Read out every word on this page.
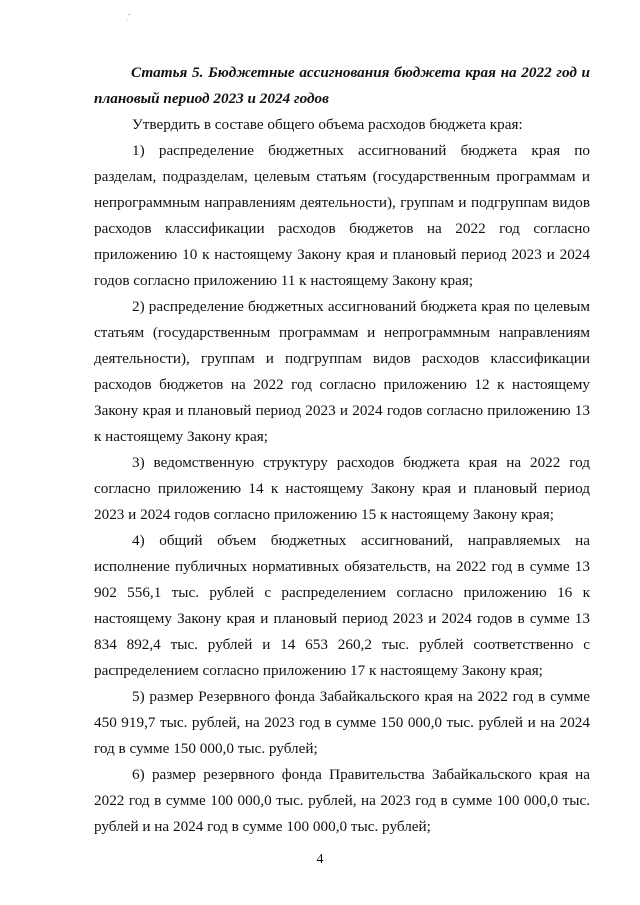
Статья 5. Бюджетные ассигнования бюджета края на 2022 год и плановый период 2023 и 2024 годов

Утвердить в составе общего объема расходов бюджета края:

1) распределение бюджетных ассигнований бюджета края по разделам, подразделам, целевым статьям (государственным программам и непрограммным направлениям деятельности), группам и подгруппам видов расходов классификации расходов бюджетов на 2022 год согласно приложению 10 к настоящему Закону края и плановый период 2023 и 2024 годов согласно приложению 11 к настоящему Закону края;

2) распределение бюджетных ассигнований бюджета края по целевым статьям (государственным программам и непрограммным направлениям деятельности), группам и подгруппам видов расходов классификации расходов бюджетов на 2022 год согласно приложению 12 к настоящему Закону края и плановый период 2023 и 2024 годов согласно приложению 13 к настоящему Закону края;

3) ведомственную структуру расходов бюджета края на 2022 год согласно приложению 14 к настоящему Закону края и плановый период 2023 и 2024 годов согласно приложению 15 к настоящему Закону края;

4) общий объем бюджетных ассигнований, направляемых на исполнение публичных нормативных обязательств, на 2022 год в сумме 13 902 556,1 тыс. рублей с распределением согласно приложению 16 к настоящему Закону края и плановый период 2023 и 2024 годов в сумме 13 834 892,4 тыс. рублей и 14 653 260,2 тыс. рублей соответственно с распределением согласно приложению 17 к настоящему Закону края;

5) размер Резервного фонда Забайкальского края на 2022 год в сумме 450 919,7 тыс. рублей, на 2023 год в сумме 150 000,0 тыс. рублей и на 2024 год в сумме 150 000,0 тыс. рублей;

6) размер резервного фонда Правительства Забайкальского края на 2022 год в сумме 100 000,0 тыс. рублей, на 2023 год в сумме 100 000,0 тыс. рублей и на 2024 год в сумме 100 000,0 тыс. рублей;

4
